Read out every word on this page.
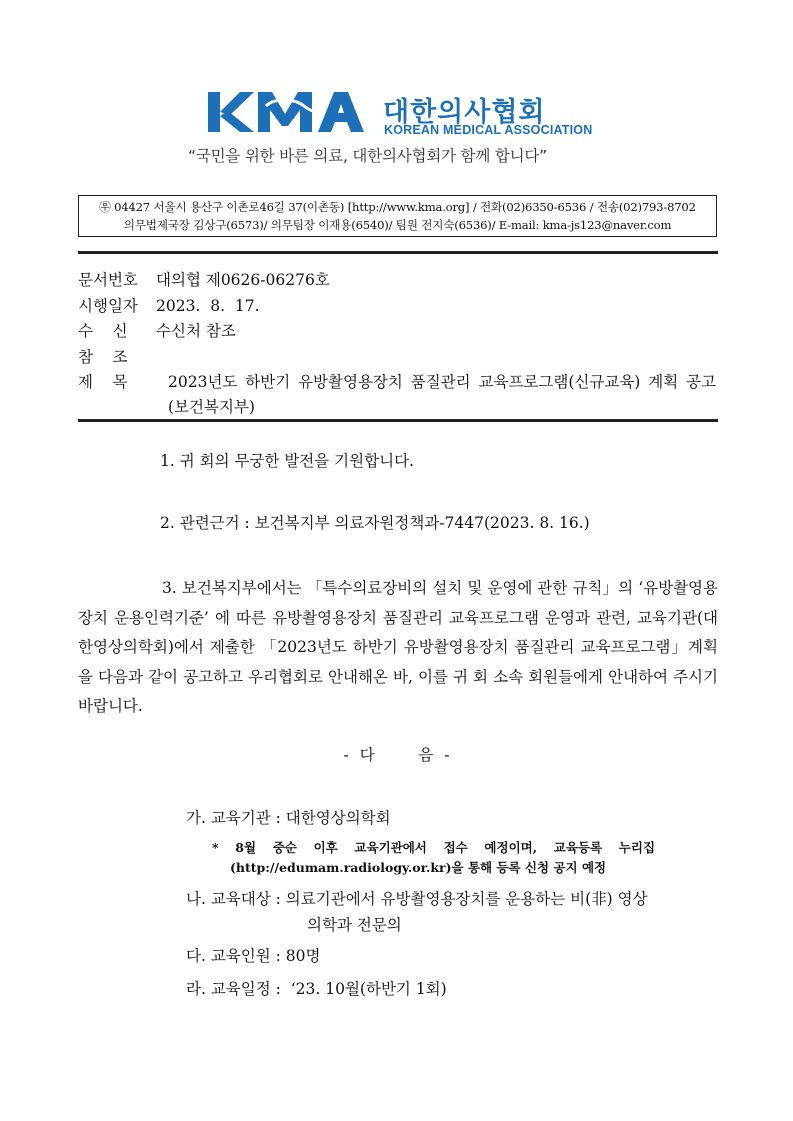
대한의사협회
KOREAN MEDICAL ASSOCIATION
“국민을 위한 바른 의료, 대한의사협회가 함께 합니다”
㉾ 04427 서울시 용산구 이촌로46길 37(이촌동) [http://www.kma.org] / 전화(02)6350-6536 / 전송(02)793-8702
의무법제국장 김상구(6573)/ 의무팀장 이재용(6540)/ 팀원 전지숙(6536)/ E-mail: kma-js123@naver.com
문서번호 대의협 제0626-06276호
시행일자 2023.  8.  17.
수    신 수신처 참조
참    조
제    목	2023년도 하반기 유방촬영용장치 품질관리 교육프로그램(신규교육) 계획 공고(보건복지부)
1. 귀 회의 무궁한 발전을 기원합니다.
2. 관련근거 : 보건복지부 의료자원정책과-7447(2023. 8. 16.)
3. 보건복지부에서는 「특수의료장비의 설치 및 운영에 관한 규칙」의 ‘유방촬영용장치 운용인력기준’ 에 따른 유방촬영용장치 품질관리 교육프로그램 운영과 관련, 교육기관(대한영상의학회)에서 제출한 「2023년도 하반기 유방촬영용장치 품질관리 교육프로그램」계획을 다음과 같이 공고하고 우리협회로 안내해온 바, 이를 귀 회 소속 회원들에게 안내하여 주시기 바랍니다.
- 다    음 -
가. 교육기관 : 대한영상의학회
*  8월  중순  이후  교육기관에서  접수  예정이며,  교육등록  누리집
(http://edumam.radiology.or.kr)을 통해 등록 신청 공지 예정
나. 교육대상 : 의료기관에서 유방촬영용장치를 운용하는 비(非) 영상
의학과 전문의
다. 교육인원 : 80명
라. 교육일정 :  ‘23. 10월(하반기 1회)
